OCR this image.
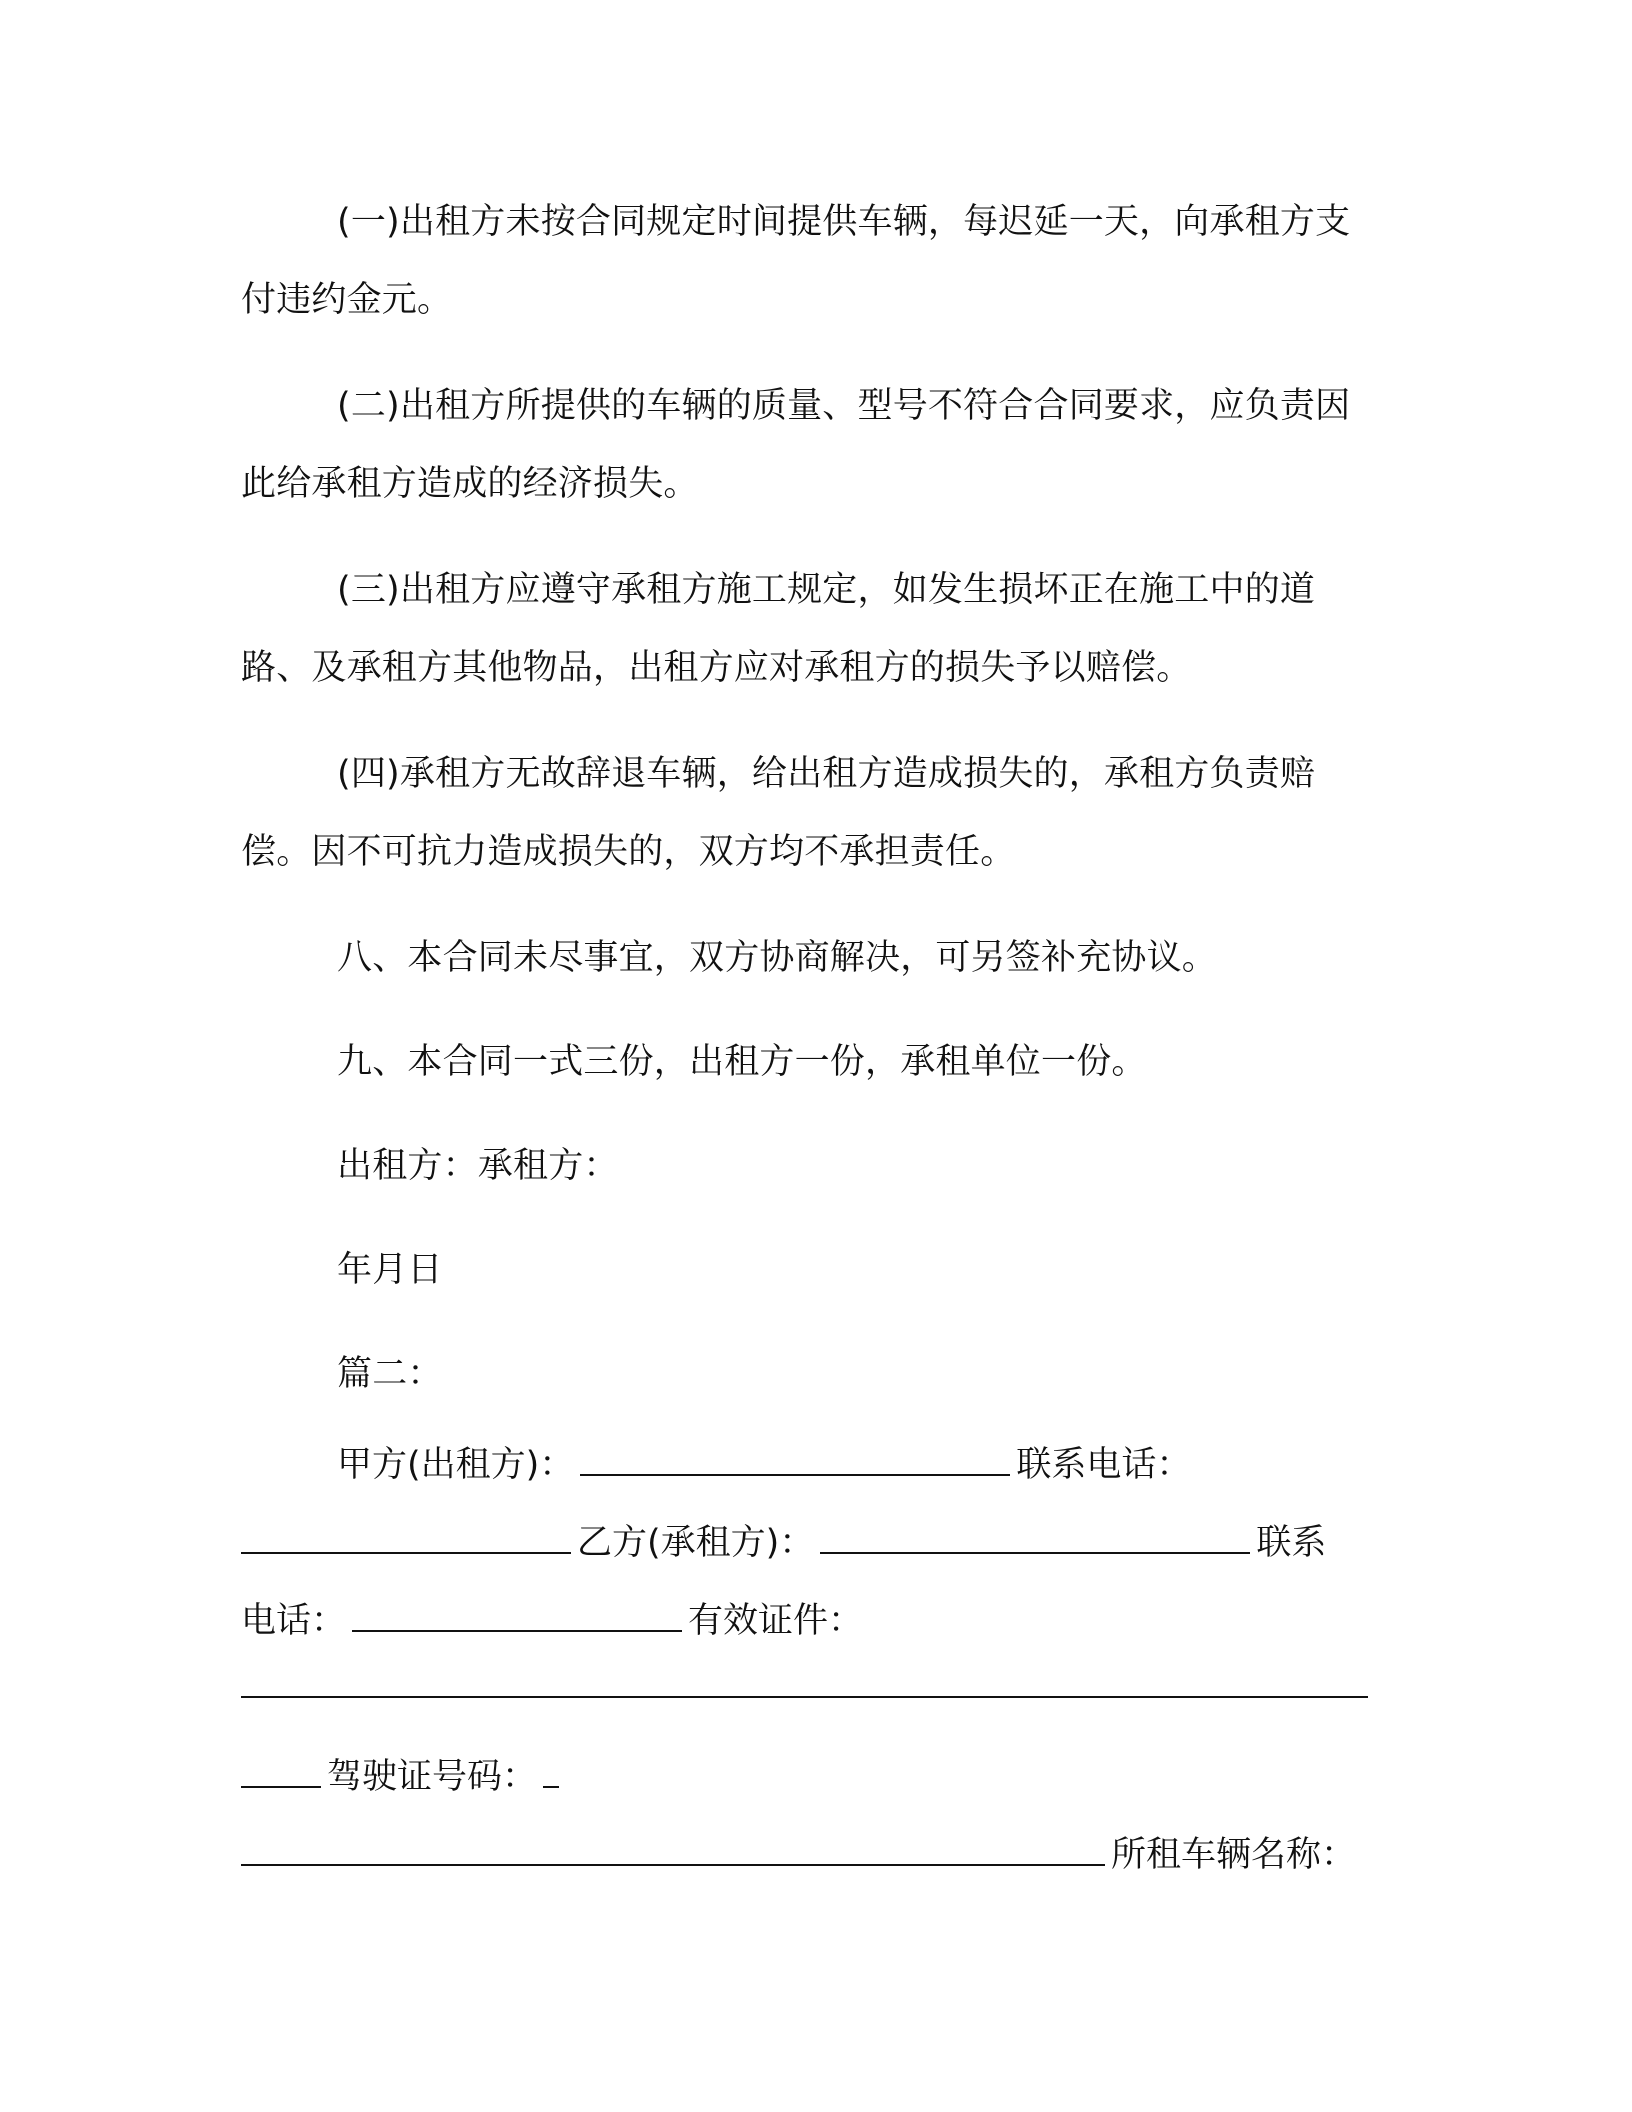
(一)出租方未按合同规定时间提供车辆，每迟延一天，向承租方支付违约金元。

(二)出租方所提供的车辆的质量、型号不符合合同要求，应负责因此给承租方造成的经济损失。

(三)出租方应遵守承租方施工规定，如发生损坏正在施工中的道路、及承租方其他物品，出租方应对承租方的损失予以赔偿。

(四)承租方无故辞退车辆，给出租方造成损失的，承租方负责赔偿。因不可抗力造成损失的，双方均不承担责任。

八、本合同未尽事宜，双方协商解决，可另签补充协议。

九、本合同一式三份，出租方一份，承租单位一份。

出租方：承租方：

年月日

篇二：

甲方(出租方)：	联系电话：
乙方(承租方)：	联系
电话：	有效证件：
驾驶证号码：
所租车辆名称：
